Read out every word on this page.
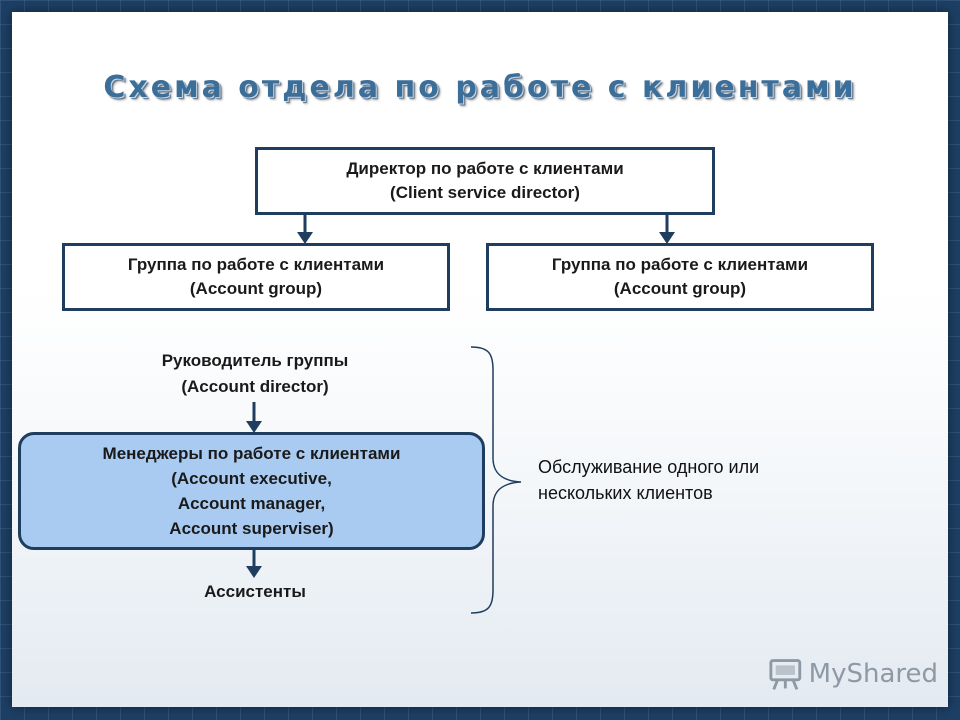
Схема отдела по работе с клиентами
Директор по работе с клиентами
(Client service director)
Группа по работе с клиентами
(Account group)
Группа по работе с клиентами
(Account group)
Руководитель группы
(Account director)
Менеджеры по работе с клиентами
(Account executive,
Account manager,
Account superviser)
Ассистенты
Обслуживание одного или
нескольких клиентов
MyShared
